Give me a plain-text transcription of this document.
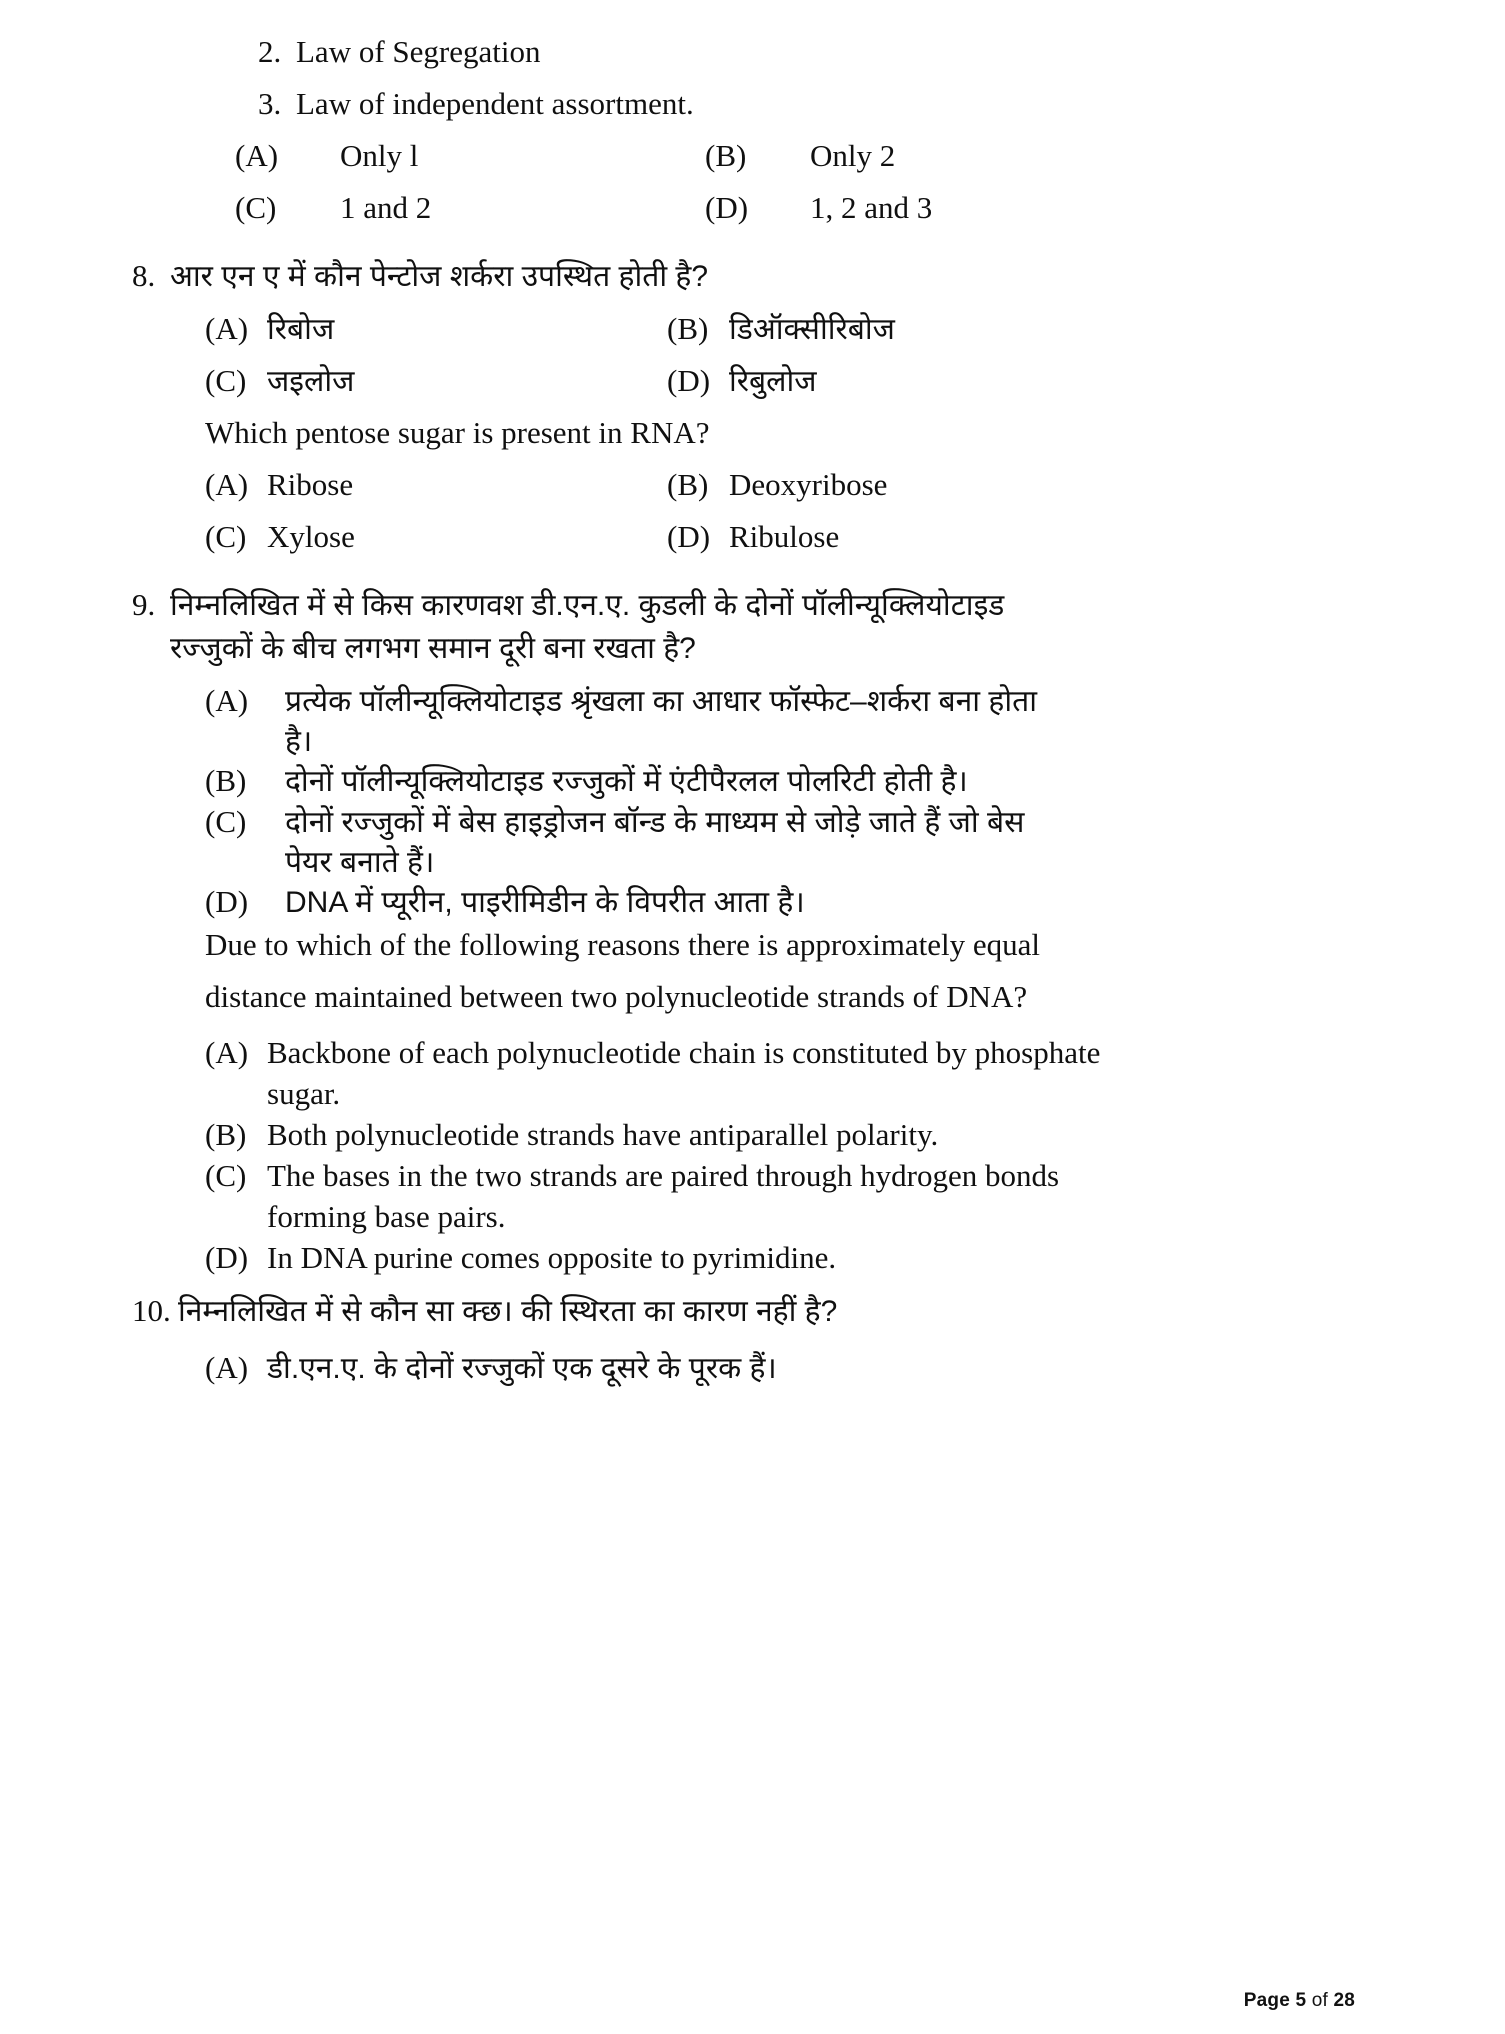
2. Law of Segregation
3. Law of independent assortment.
(A)	Only l	(B)	Only 2
(C)	1 and 2	(D)	1, 2 and 3
8. आर एन ए में कौन पेन्टोज शर्करा उपस्थित होती है?
(A) रिबोज	(B) डिऑक्सीरिबोज
(C) जइलोज	(D) रिबुलोज
Which pentose sugar is present in RNA?
(A) Ribose	(B) Deoxyribose
(C) Xylose	(D) Ribulose
9. निम्नलिखित में से किस कारणवश डी.एन.ए. कुडली के दोनों पॉलीन्यूक्लियोटाइड
रज्जुकों के बीच लगभग समान दूरी बना रखता है?
(A)	प्रत्येक पॉलीन्यूक्लियोटाइड श्रृंखला का आधार फॉस्फेट–शर्करा बना होता
है।
(B)	दोनों पॉलीन्यूक्लियोटाइड रज्जुकों में एंटीपैरलल पोलरिटी होती है।
(C)	दोनों रज्जुकों में बेस हाइड्रोजन बॉन्ड के माध्यम से जोड़े जाते हैं जो बेस
पेयर बनाते हैं।
(D)	DNA में प्यूरीन, पाइरीमिडीन के विपरीत आता है।
Due to which of the following reasons there is approximately equal
distance maintained between two polynucleotide strands of DNA?
(A) Backbone of each polynucleotide chain is constituted by phosphate
sugar.
(B) Both polynucleotide strands have antiparallel polarity.
(C) The bases in the two strands are paired through hydrogen bonds
forming base pairs.
(D) In DNA purine comes opposite to pyrimidine.
10. निम्नलिखित में से कौन सा क्छ। की स्थिरता का कारण नहीं है?
(A) डी.एन.ए. के दोनों रज्जुकों एक दूसरे के पूरक हैं।
Page 5 of 28
